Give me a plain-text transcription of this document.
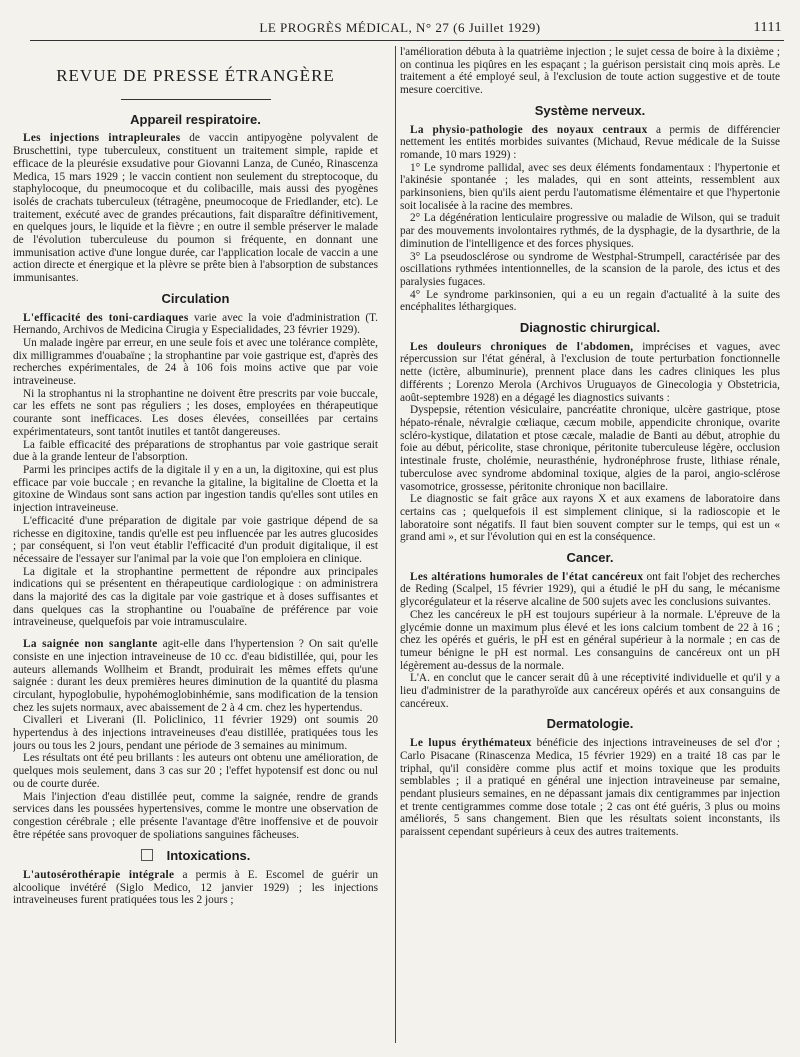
LE PROGRÈS MÉDICAL, N° 27 (6 Juillet 1929)	1111
REVUE DE PRESSE ÉTRANGÈRE
Appareil respiratoire.

Les injections intrapleurales de vaccin antipyogène polyvalent de Bruschettini, type tuberculeux, constituent un traitement simple, rapide et efficace de la pleurésie exsudative pour Giovanni Lanza, de Cunéo, Rinascenza Medica, 15 mars 1929 ; le vaccin contient non seulement du streptocoque, du staphylocoque, du pneumocoque et du colibacille, mais aussi des pyogènes isolés de crachats tuberculeux (tétragène, pneumocoque de Friedlander, etc). Le traitement, exécuté avec de grandes précautions, fait disparaître définitivement, en quelques jours, le liquide et la fièvre ; en outre il semble préserver le malade de l'évolution tuberculeuse du poumon si fréquente, en donnant une immunisation active d'une longue durée, car l'application locale de vaccin a une action directe et énergique et la plèvre se prête bien à l'absorption de substances immunisantes.

Circulation

L'efficacité des toni-cardiaques varie avec la voie d'administration (T. Hernando, Archivos de Medicina Cirugia y Especialidades, 23 février 1929).

Un malade ingère par erreur, en une seule fois et avec une tolérance complète, dix milligrammes d'ouabaïne ; la strophantine par voie gastrique est, d'après des recherches expérimentales, de 24 à 106 fois moins active que par voie intraveineuse.

Ni la strophantus ni la strophantine ne doivent être prescrits par voie buccale, car les effets ne sont pas réguliers ; les doses, employées en thérapeutique courante sont inefficaces. Les doses élevées, conseillées par certains expérimentateurs, sont tantôt inutiles et tantôt dangereuses.

La faible efficacité des préparations de strophantus par voie gastrique serait due à la grande lenteur de l'absorption.

Parmi les principes actifs de la digitale il y en a un, la digitoxine, qui est plus efficace par voie buccale ; en revanche la gitaline, la bigitaline de Cloetta et la gitoxine de Windaus sont sans action par ingestion tandis qu'elles sont utiles en injection intraveineuse.

L'efficacité d'une préparation de digitale par voie gastrique dépend de sa richesse en digitoxine, tandis qu'elle est peu influencée par les autres glucosides ; par conséquent, si l'on veut établir l'efficacité d'un produit digitalique, il est nécessaire de l'essayer sur l'animal par la voie que l'on emploiera en clinique.

La digitale et la strophantine permettent de répondre aux principales indications qui se présentent en thérapeutique cardiologique : on administrera dans la majorité des cas la digitale par voie gastrique et à doses suffisantes et dans quelques cas la strophantine ou l'ouabaïne de préférence par voie intraveineuse, quelquefois par voie intramusculaire.

La saignée non sanglante agit-elle dans l'hypertension ? On sait qu'elle consiste en une injection intraveineuse de 10 cc. d'eau bidistillée, qui, pour les auteurs allemands Wollheim et Brandt, produirait les mêmes effets qu'une saignée : durant les deux premières heures diminution de la quantité du plasma circulant, hypoglobulie, hypohémoglobinhémie, sans modification de la tension chez les sujets normaux, avec abaissement de 2 à 4 cm. chez les hypertendus.

Civalleri et Liverani (Il. Policlinico, 11 février 1929) ont soumis 20 hypertendus à des injections intraveineuses d'eau distillée, pratiquées tous les jours ou tous les 2 jours, pendant une période de 3 semaines au minimum.

Les résultats ont été peu brillants : les auteurs ont obtenu une amélioration, de quelques mois seulement, dans 3 cas sur 20 ; l'effet hypotensif est donc ou nul ou de courte durée.

Mais l'injection d'eau distillée peut, comme la saignée, rendre de grands services dans les poussées hypertensives, comme le montre une observation de congestion cérébrale ; elle présente l'avantage d'être inoffensive et de pouvoir être répétée sans provoquer de spoliations sanguines fâcheuses.

Intoxications.

L'autosérothérapie intégrale a permis à E. Escomel de guérir un alcoolique invétéré (Siglo Medico, 12 janvier 1929) ; les injections intraveineuses furent pratiquées tous les 2 jours ;

l'amélioration débuta à la quatrième injection ; le sujet cessa de boire à la dixième ; on continua les piqûres en les espaçant ; la guérison persistait cinq mois après. Le traitement a été employé seul, à l'exclusion de toute action suggestive et de toute mesure coercitive.

Système nerveux.

La physio-pathologie des noyaux centraux a permis de différencier nettement les entités morbides suivantes (Michaud, Revue médicale de la Suisse romande, 10 mars 1929) :

1° Le syndrome pallidal, avec ses deux éléments fondamentaux : l'hypertonie et l'akinésie spontanée ; les malades, qui en sont atteints, ressemblent aux parkinsoniens, bien qu'ils aient perdu l'automatisme élémentaire et que l'hypertonie soit localisée à la racine des membres.

2° La dégénération lenticulaire progressive ou maladie de Wilson, qui se traduit par des mouvements involontaires rythmés, de la dysphagie, de la dysarthrie, de la diminution de l'intelligence et des forces physiques.

3° La pseudosclérose ou syndrome de Westphal-Strumpell, caractérisée par des oscillations rythmées intentionnelles, de la scansion de la parole, des ictus et des paralysies fugaces.

4° Le syndrome parkinsonien, qui a eu un regain d'actualité à la suite des encéphalites léthargiques.

Diagnostic chirurgical.

Les douleurs chroniques de l'abdomen, imprécises et vagues, avec répercussion sur l'état général, à l'exclusion de toute perturbation fonctionnelle nette (ictère, albuminurie), prennent place dans les cadres cliniques les plus différents ; Lorenzo Merola (Archivos Uruguayos de Ginecologia y Obstetricia, août-septembre 1928) en a dégagé les diagnostics suivants :

Dyspepsie, rétention vésiculaire, pancréatite chronique, ulcère gastrique, ptose hépato-rénale, névralgie cœliaque, cæcum mobile, appendicite chronique, ovarite scléro-kystique, dilatation et ptose cæcale, maladie de Banti au début, atrophie du foie au début, péricolite, stase chronique, péritonite tuberculeuse légère, occlusion intestinale fruste, cholémie, neurasthénie, hydronéphrose fruste, lithiase rénale, tuberculose avec syndrome abdominal toxique, algies de la paroi, angio-sclérose vasomotrice, grossesse, péritonite chronique non bacillaire.

Le diagnostic se fait grâce aux rayons X et aux examens de laboratoire dans certains cas ; quelquefois il est simplement clinique, si la radioscopie et le laboratoire sont négatifs. Il faut bien souvent compter sur le temps, qui est un « grand ami », et sur l'évolution qui en est la conséquence.

Cancer.

Les altérations humorales de l'état cancéreux ont fait l'objet des recherches de Reding (Scalpel, 15 février 1929), qui a étudié le pH du sang, le mécanisme glycorégulateur et la réserve alcaline de 500 sujets avec les conclusions suivantes.

Chez les cancéreux le pH est toujours supérieur à la normale. L'épreuve de la glycémie donne un maximum plus élevé et les ions calcium tombent de 22 à 16 ; chez les opérés et guéris, le pH est en général supérieur à la normale ; en cas de tumeur bénigne le pH est normal. Les consanguins de cancéreux ont un pH légèrement au-dessus de la normale.

L'A. en conclut que le cancer serait dû à une réceptivité individuelle et qu'il y a lieu d'administrer de la parathyroïde aux cancéreux opérés et aux consanguins de cancéreux.

Dermatologie.

Le lupus érythémateux bénéficie des injections intraveineuses de sel d'or ; Carlo Pisacane (Rinascenza Medica, 15 février 1929) en a traité 18 cas par le triphal, qu'il considère comme plus actif et moins toxique que les produits semblables ; il a pratiqué en général une injection intraveineuse par semaine, pendant plusieurs semaines, en ne dépassant jamais dix centigrammes par injection et trente centigrammes comme dose totale ; 2 cas ont été guéris, 3 plus ou moins améliorés, 5 sans changement. Bien que les résultats soient inconstants, ils paraissent cependant supérieurs à ceux des autres traitements.
